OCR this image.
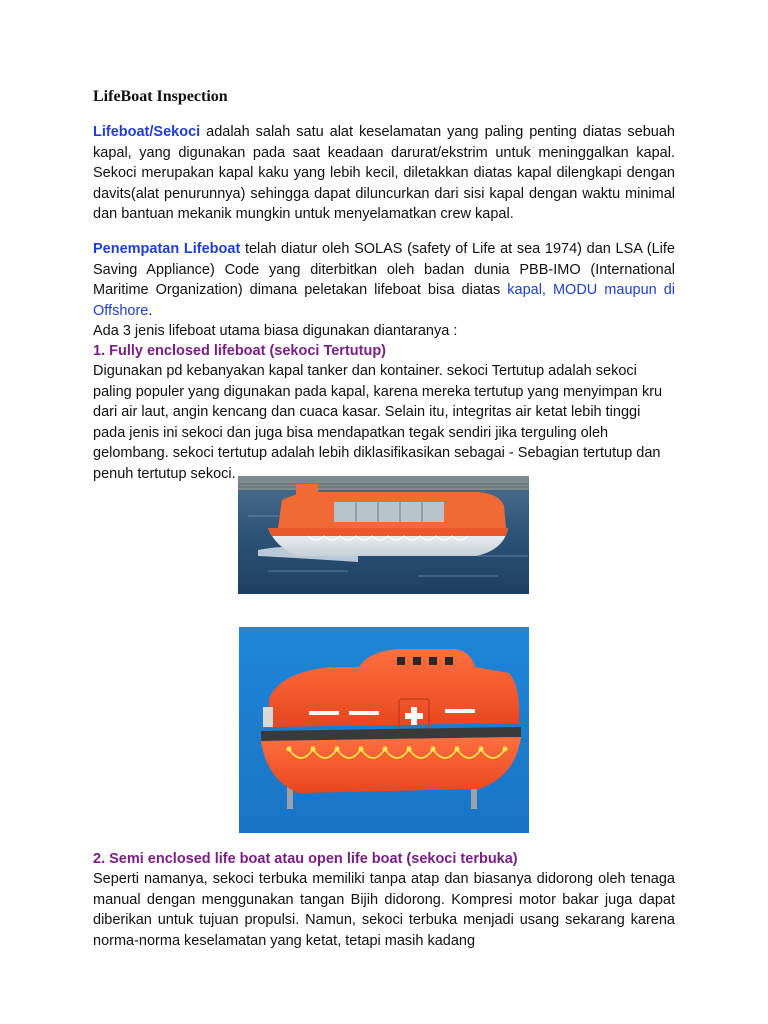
LifeBoat Inspection

Lifeboat/Sekoci adalah salah satu alat keselamatan yang paling penting diatas sebuah kapal, yang digunakan pada saat keadaan darurat/ekstrim untuk meninggalkan kapal. Sekoci merupakan kapal kaku yang lebih kecil, diletakkan diatas kapal dilengkapi dengan davits(alat penurunnya) sehingga dapat diluncurkan dari sisi kapal dengan waktu minimal dan bantuan mekanik mungkin untuk menyelamatkan crew kapal.

Penempatan Lifeboat telah diatur oleh SOLAS (safety of Life at sea 1974) dan LSA (Life Saving Appliance) Code yang diterbitkan oleh badan dunia PBB-IMO (International Maritime Organization) dimana peletakan lifeboat bisa diatas kapal, MODU maupun di Offshore.

Ada 3 jenis lifeboat utama biasa digunakan diantaranya :

1. Fully enclosed lifeboat (sekoci Tertutup)

Digunakan pd kebanyakan kapal tanker dan kontainer. sekoci Tertutup adalah sekoci paling populer yang digunakan pada kapal, karena mereka tertutup yang menyimpan kru dari air laut, angin kencang dan cuaca kasar. Selain itu, integritas air ketat lebih tinggi pada jenis ini sekoci dan juga bisa mendapatkan tegak sendiri jika terguling oleh gelombang. sekoci tertutup adalah lebih diklasifikasikan sebagai - Sebagian tertutup dan penuh tertutup sekoci.

2. Semi enclosed life boat atau open life boat (sekoci terbuka)

Seperti namanya, sekoci terbuka memiliki tanpa atap dan biasanya didorong oleh tenaga manual dengan menggunakan tangan Bijih didorong. Kompresi motor bakar juga dapat diberikan untuk tujuan propulsi. Namun, sekoci terbuka menjadi usang sekarang karena norma-norma keselamatan yang ketat, tetapi masih kadang
